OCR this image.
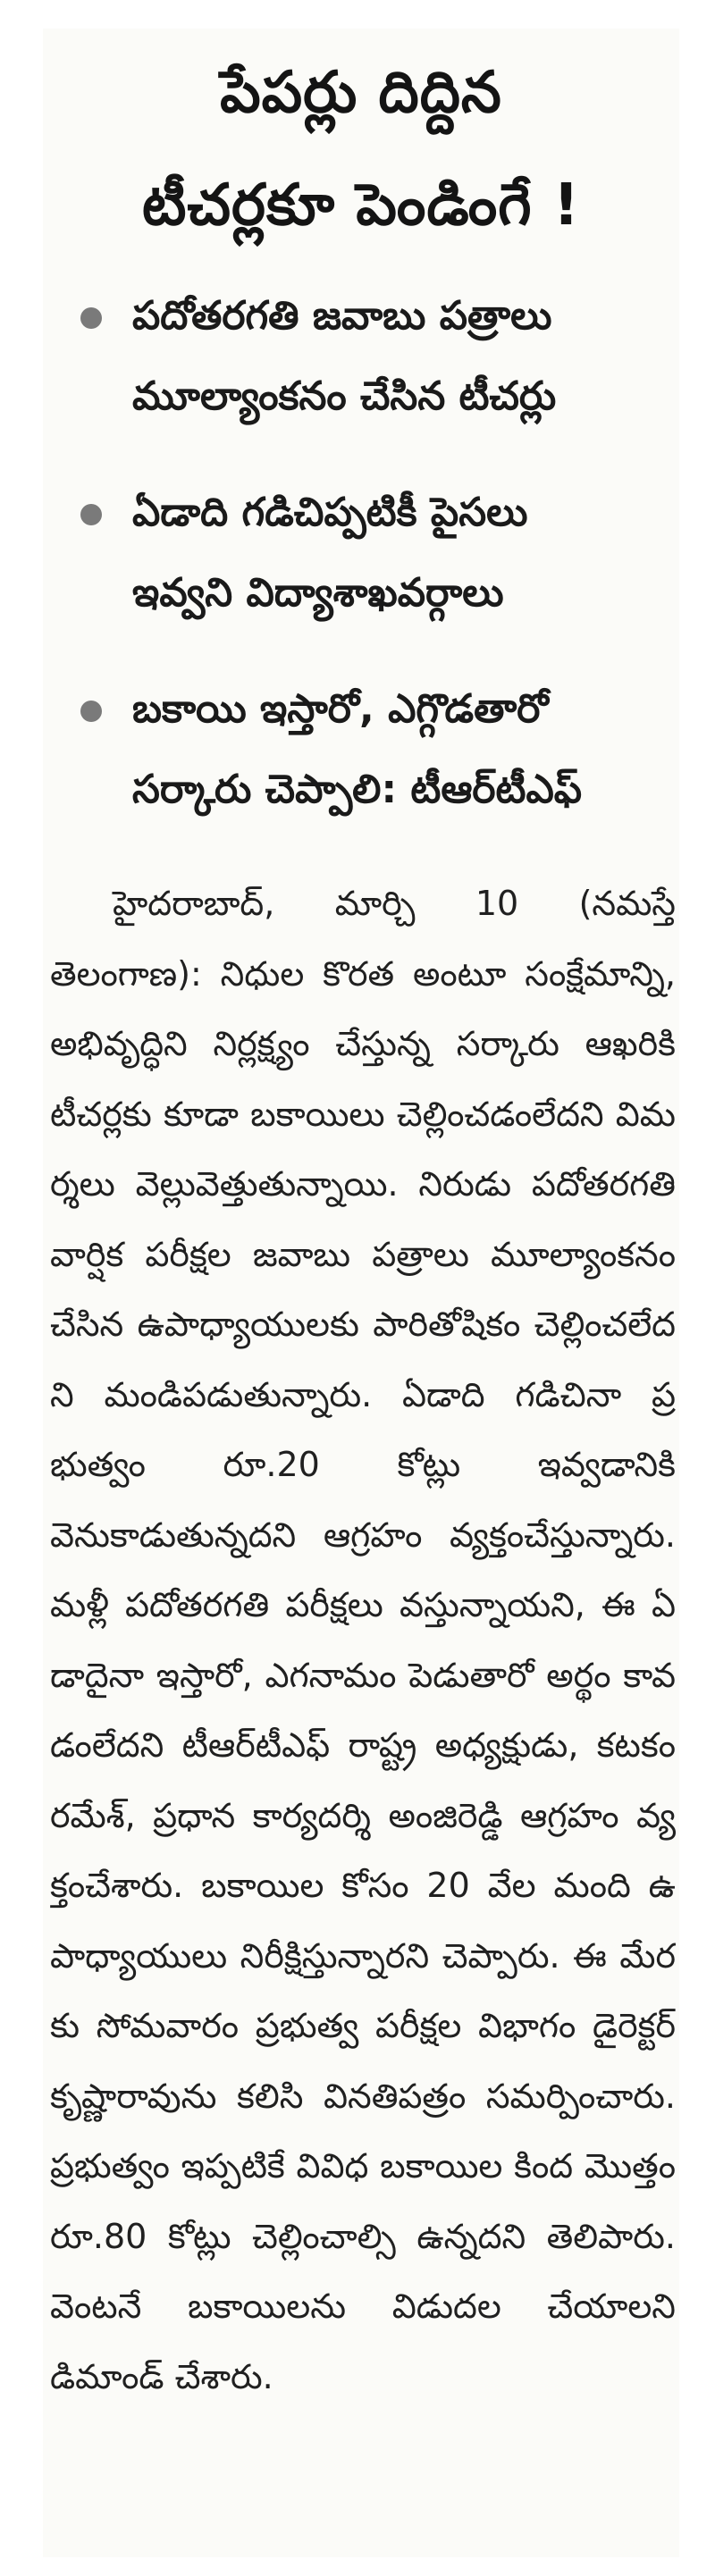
పేపర్లు దిద్దిన
టీచర్లకూ పెండింగే !
పదోతరగతి జవాబు పత్రాలు
మూల్యాంకనం చేసిన టీచర్లు
ఏడాది గడిచిప్పటికీ పైసలు
ఇవ్వని విద్యాశాఖవర్గాలు
బకాయి ఇస్తారో, ఎగ్గొడతారో
సర్కారు చెప్పాలి: టీఆర్‌టీఎఫ్
హైదరాబాద్, మార్చి 10 (నమస్తే తెలంగాణ): నిధుల కొరత అంటూ సంక్షేమాన్ని, అభివృద్ధిని నిర్లక్ష్యం చేస్తున్న సర్కారు ఆఖరికి టీచర్లకు కూడా బకాయిలు చెల్లించడంలేదని విమర్శలు వెల్లువెత్తుతున్నాయి. నిరుడు పదోతరగతి వార్షిక పరీక్షల జవాబు పత్రాలు మూల్యాంకనం చేసిన ఉపాధ్యాయులకు పారితోషికం చెల్లించలేదని మండిపడుతున్నారు. ఏడాది గడిచినా ప్రభుత్వం రూ.20 కోట్లు ఇవ్వడానికి వెనుకాడుతున్నదని ఆగ్రహం వ్యక్తంచేస్తున్నారు. మళ్లీ పదోతరగతి పరీక్షలు వస్తున్నాయని, ఈ ఏడాదైనా ఇస్తారో, ఎగనామం పెడుతారో అర్థం కావడంలేదని టీఆర్‌టీఎఫ్ రాష్ట్ర అధ్యక్షుడు, కటకం రమేశ్, ప్రధాన కార్యదర్శి అంజిరెడ్డి ఆగ్రహం వ్యక్తంచేశారు. బకాయిల కోసం 20 వేల మంది ఉపాధ్యాయులు నిరీక్షిస్తున్నారని చెప్పారు. ఈ మేరకు సోమవారం ప్రభుత్వ పరీక్షల విభాగం డైరెక్టర్ కృష్ణారావును కలిసి వినతిపత్రం సమర్పించారు. ప్రభుత్వం ఇప్పటికే వివిధ బకాయిల కింద మొత్తం రూ.80 కోట్లు చెల్లించాల్సి ఉన్నదని తెలిపారు. వెంటనే బకాయిలను విడుదల చేయాలని డిమాండ్ చేశారు.
